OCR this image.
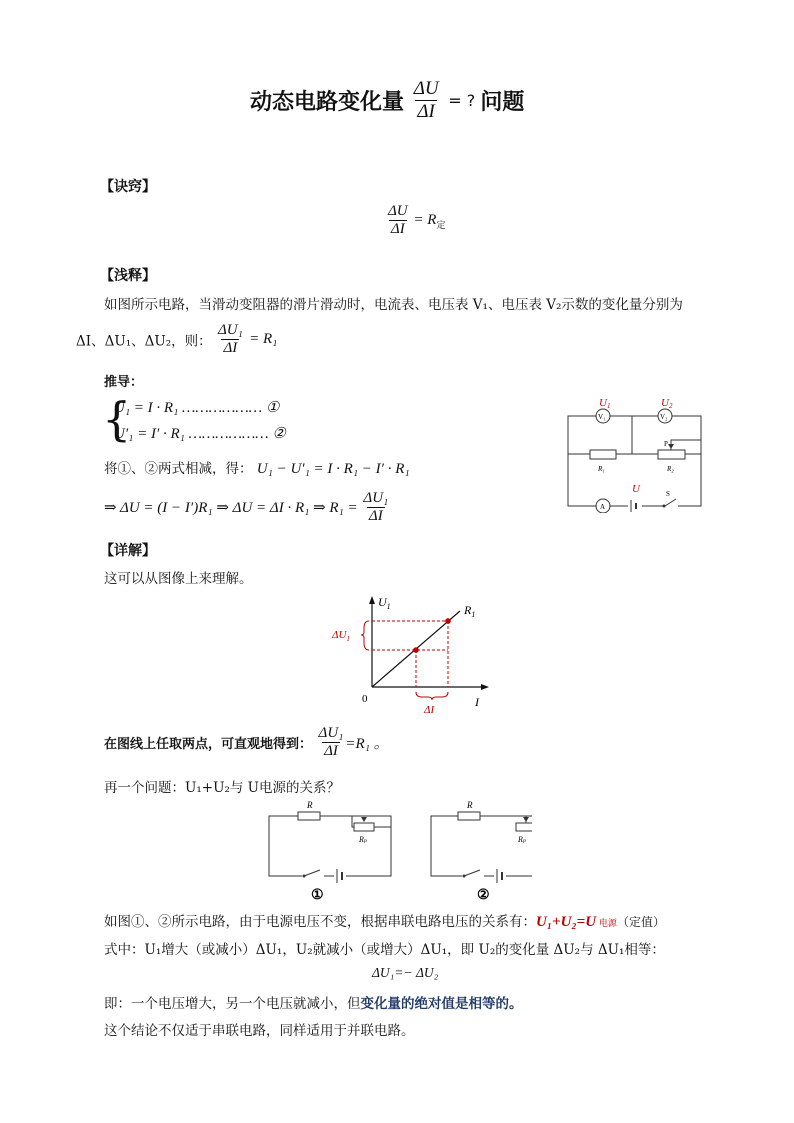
动态电路变化量 $\frac{\Delta U}{\Delta I}$ = ? 问题
【诀窍】
$\frac{\Delta U}{\Delta I} = R_定$
【浅释】
如图所示电路，当滑动变阻器的滑片滑动时，电流表、电压表 V₁、电压表 V₂示数的变化量分别为
ΔI、ΔU₁、ΔU₂，则： $\frac{\text{ΔU₁}}{\Delta I} = R_1$
推导：
{
U₁ = I · R₁ ……………… ①
U′₁ = I′ · R₁ ……………… ②
将①、②两式相减，得： U₁ − U′₁ = I · R₁ − I′ · R₁
⇒ ΔU = (I − I′)R₁ ⇒ ΔU = ΔI · R₁ ⇒ $R_1 = \frac{\text{ΔU₁}}{\Delta I}$
U1	U2
V₁	V₂
P
R₁	R₂
A
U	S
【详解】
这可以从图像上来理解。
$U_1$	$R_1$
$\Delta U_1$
0
ΔI
I
在图线上任取两点，可直观地得到： $\frac{\text{ΔU₁}}{\Delta I} =R_1$ 。
再一个问题：U₁+U₂与 U电源的关系？
R
Rₚ
R
Rₚ
①	②
如图①、②所示电路，由于电源电压不变，根据串联电路电压的关系有：U₁+U₂=U 电源（定值）
式中：U₁增大（或减小）ΔU₁，U₂就减小（或增大）ΔU₁，即 U₂的变化量 ΔU₂与 ΔU₁相等：
ΔU₁=− ΔU₂
即：一个电压增大，另一个电压就减小，但变化量的绝对值是相等的。
这个结论不仅适于串联电路，同样适用于并联电路。
